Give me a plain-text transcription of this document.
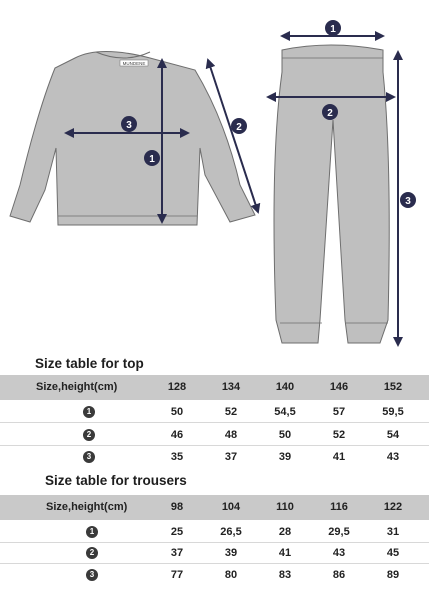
MUNDENE
1
2
3
1
2
3
Size table for top
Size,height(cm)	128	134	140	146	152
1	50	52	54,5	57	59,5
2	46	48	50	52	54
3	35	37	39	41	43
Size table for trousers
Size,height(cm)	98	104	110	116	122
1	25	26,5	28	29,5	31
2	37	39	41	43	45
3	77	80	83	86	89
